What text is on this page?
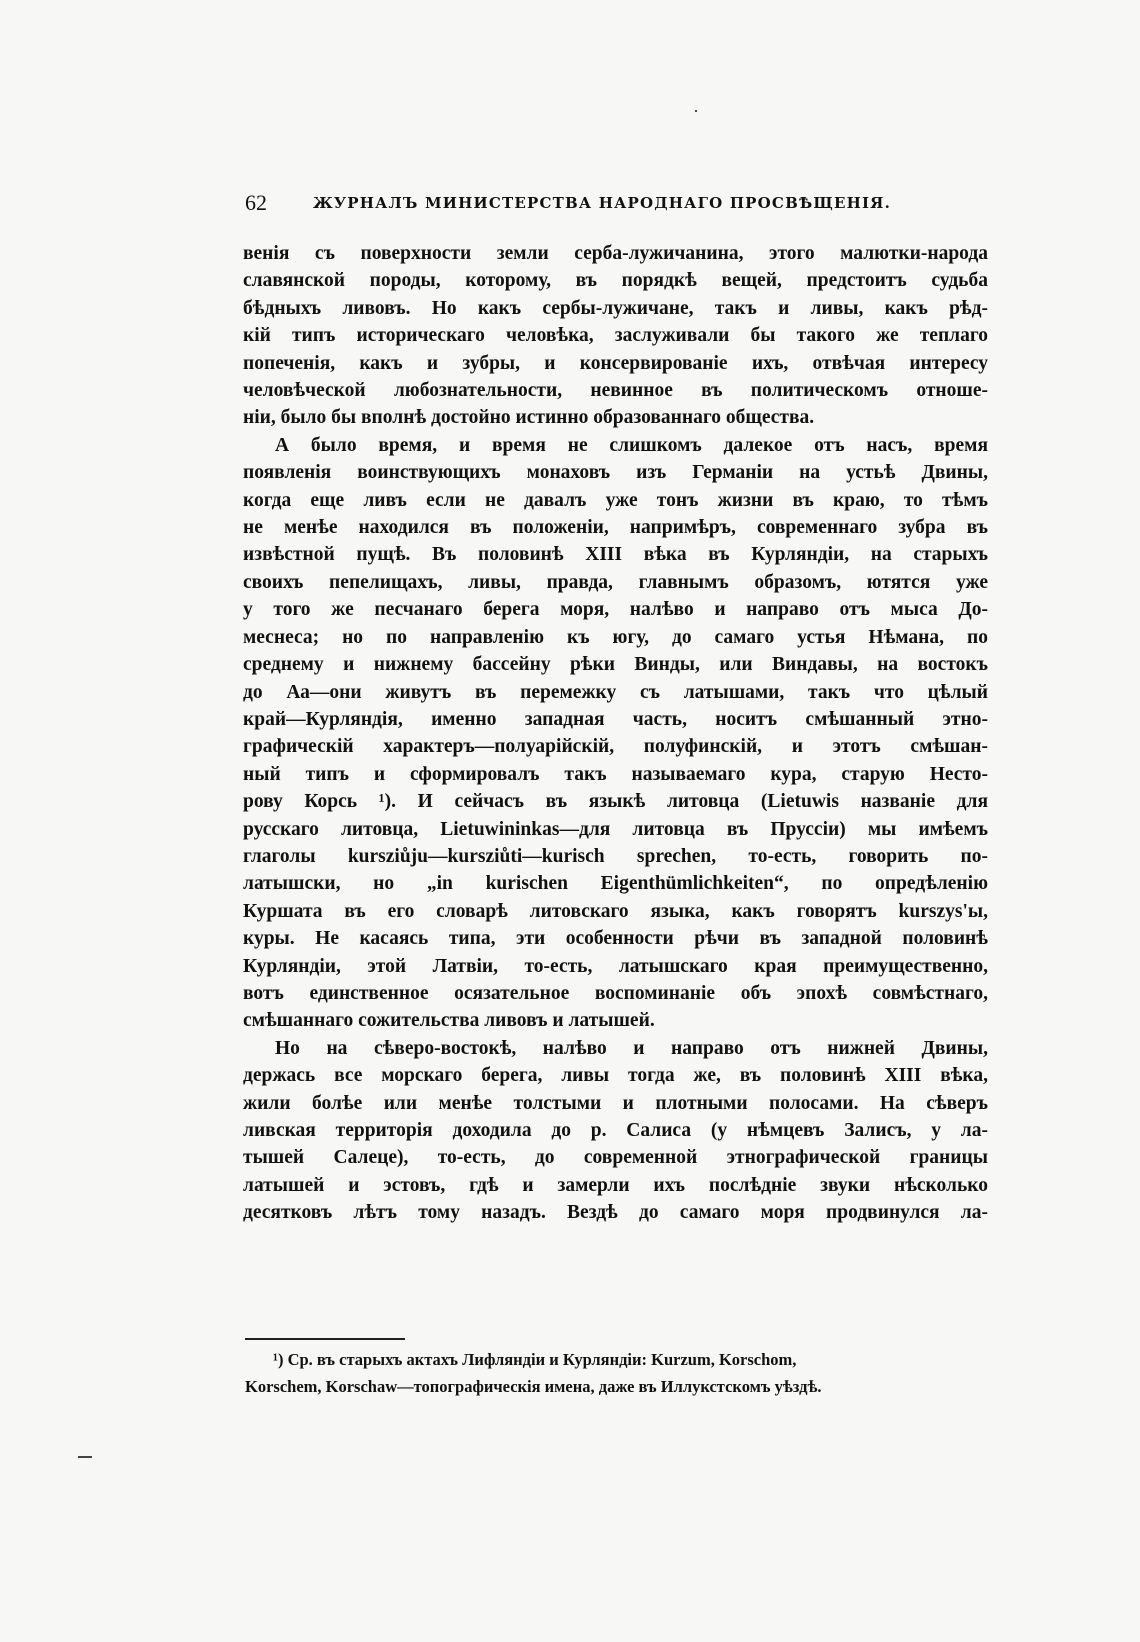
62	ЖУРНАЛЪ МИНИСТЕРСТВА НАРОДНАГО ПРОСВѢЩЕНІЯ.

венія съ поверхности земли серба-лужичанина, этого малютки-народа
славянской породы, которому, въ порядкѣ вещей, предстоитъ судьба
бѣдныхъ ливовъ. Но какъ сербы-лужичане, такъ и ливы, какъ рѣд-
кій типъ историческаго человѣка, заслуживали бы такого же теплаго
попеченія, какъ и зубры, и консервированіе ихъ, отвѣчая интересу
человѣческой любознательности, невинное въ политическомъ отноше-
ніи, было бы вполнѣ достойно истинно образованнаго общества.

А было время, и время не слишкомъ далекое отъ насъ, время
появленія воинствующихъ монаховъ изъ Германіи на устьѣ Двины,
когда еще ливъ если не давалъ уже тонъ жизни въ краю, то тѣмъ
не менѣе находился въ положеніи, напримѣръ, современнаго зубра въ
извѣстной пущѣ. Въ половинѣ XIII вѣка въ Курляндіи, на старыхъ
своихъ пепелищахъ, ливы, правда, главнымъ образомъ, ютятся уже
у того же песчанаго берега моря, налѣво и направо отъ мыса До-
меснеса; но по направленію къ югу, до самаго устья Нѣмана, по
среднему и нижнему бассейну рѣки Винды, или Виндавы, на востокъ
до Аа—они живутъ въ перемежку съ латышами, такъ что цѣлый
край—Курляндія, именно западная часть, носитъ смѣшанный этно-
графическій характеръ—полуарійскій, полуфинскій, и этотъ смѣшан-
ный типъ и сформировалъ такъ называемаго кура, старую Несто-
рову Корсь ¹). И сейчасъ въ языкѣ литовца (Lietuwis названіе для
русскаго литовца, Lietuwininkas—для литовца въ Пруссіи) мы имѣемъ
глаголы kursziůju—kursziůti—kurisch sprechen, то-есть, говорить по-
латышски, но „in kurischen Eigenthümlichkeiten“, по опредѣленію
Куршата въ его словарѣ литовскаго языка, какъ говорятъ kurszys'ы,
куры. Не касаясь типа, эти особенности рѣчи въ западной половинѣ
Курляндіи, этой Латвіи, то-есть, латышскаго края преимущественно,
вотъ единственное осязательное воспоминаніе объ эпохѣ совмѣстнаго,
смѣшаннаго сожительства ливовъ и латышей.

Но на сѣверо-востокѣ, налѣво и направо отъ нижней Двины,
держась все морскаго берега, ливы тогда же, въ половинѣ XIII вѣка,
жили болѣе или менѣе толстыми и плотными полосами. На сѣверъ
ливская территорія доходила до р. Салиса (у нѣмцевъ Залисъ, у ла-
тышей Салеце), то-есть, до современной этнографической границы
латышей и эстовъ, гдѣ и замерли ихъ послѣдніе звуки нѣсколько
десятковъ лѣтъ тому назадъ. Вездѣ до самаго моря продвинулся ла-

¹) Ср. въ старыхъ актахъ Лифляндіи и Курляндіи: Kurzum, Korschom,
Korschem, Korschaw—топографическія имена, даже въ Иллукстскомъ уѣздѣ.
